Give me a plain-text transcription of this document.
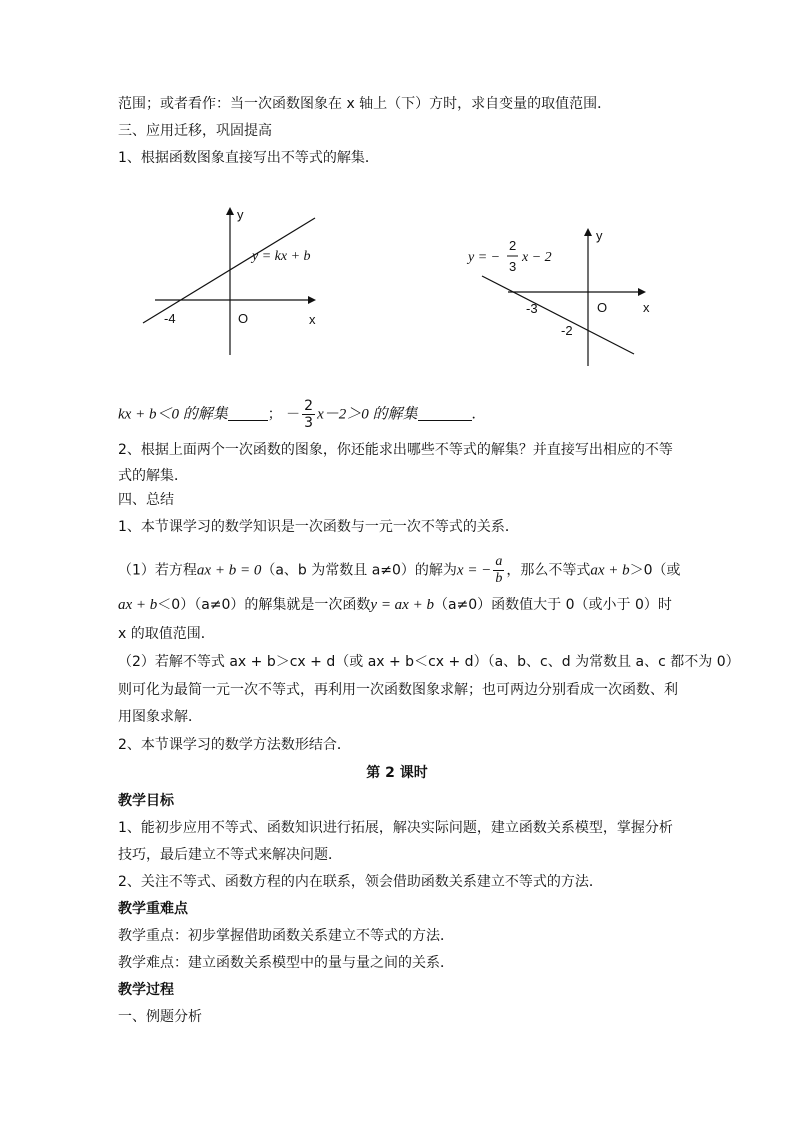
范围；或者看作：当一次函数图象在 x 轴上（下）方时，求自变量的取值范围．
三、应用迁移，巩固提高
1、根据函数图象直接写出不等式的解集．
y
x
O
-4
y = kx + b
y
x
O
-3
-2
y = −
2
3
x − 2
kx + b＜0 的解集	； － $\frac{2}{3} x-2>0$ 的解集	．
2、根据上面两个一次函数的图象，你还能求出哪些不等式的解集？并直接写出相应的不等
式的解集．
四、总结
1、本节课学习的数学知识是一次函数与一元一次不等式的关系．
（1）若方程ax + b = 0（a、b 为常数且 a≠0）的解为x = − $\frac{a}{b}$ ，那么不等式ax + b＞0（或
ax + b＜0）（a≠0）的解集就是一次函数y = ax + b（a≠0）函数值大于 0（或小于 0）时
x 的取值范围．
（2）若解不等式 ax + b＞cx + d（或 ax + b＜cx + d）（a、b、c、d 为常数且 a、c 都不为 0）
则可化为最简一元一次不等式，再利用一次函数图象求解；也可两边分别看成一次函数、利
用图象求解．
2、本节课学习的数学方法数形结合．
第 2 课时
教学目标
1、能初步应用不等式、函数知识进行拓展，解决实际问题，建立函数关系模型，掌握分析
技巧，最后建立不等式来解决问题．
2、关注不等式、函数方程的内在联系，领会借助函数关系建立不等式的方法．
教学重难点
教学重点：初步掌握借助函数关系建立不等式的方法．
教学难点：建立函数关系模型中的量与量之间的关系．
教学过程
一、例题分析
